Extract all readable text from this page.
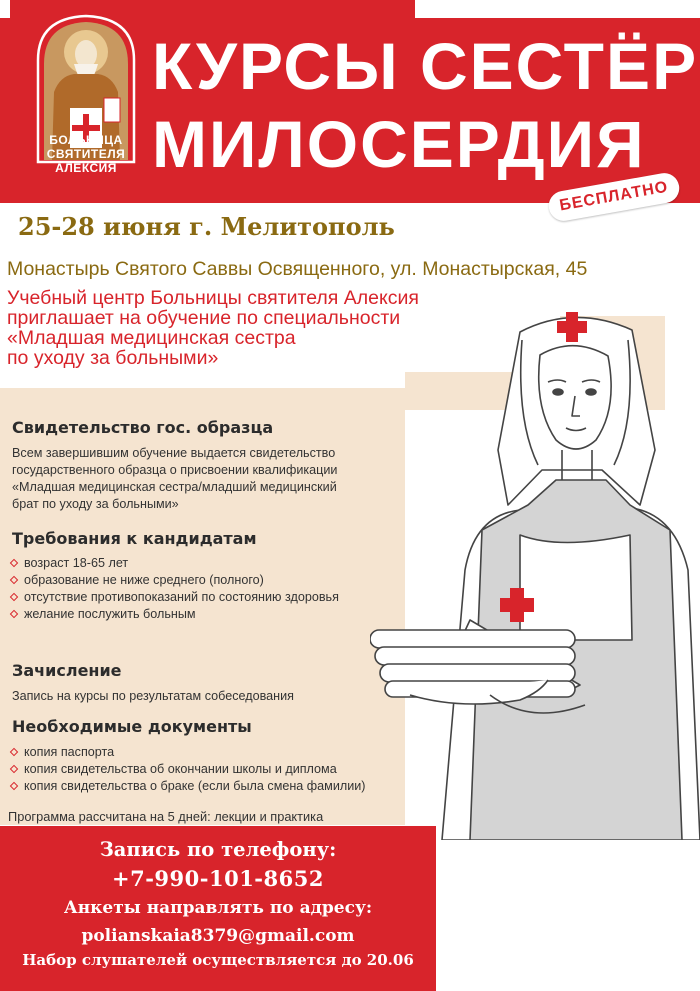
БОЛЬНИЦА
СВЯТИТЕЛЯ
АЛЕКСИЯ
КУРСЫ СЕСТЁР
МИЛОСЕРДИЯ
БЕСПЛАТНО
25-28 июня г. Мелитополь
Монастырь Святого Саввы Освященного, ул. Монастырская, 45
Учебный центр Больницы святителя Алексия
приглашает на обучение по специальности
«Младшая медицинская сестра
по уходу за больными»
Свидетельство гос. образца
Всем завершившим обучение выдается свидетельство
государственного образца о присвоении квалификации
«Младшая медицинская сестра/младший медицинский
брат по уходу за больными»
Требования к кандидатам
возраст 18-65 лет
образование не ниже среднего (полного)
отсутствие противопоказаний по состоянию здоровья
желание послужить больным
Зачисление
Запись на курсы по результатам собеседования
Необходимые документы
копия паспорта
копия свидетельства об окончании школы и диплома
копия свидетельства о браке (если была смена фамилии)
Программа рассчитана на 5 дней: лекции и практика
Запись по телефону:
+7-990-101-8652
Анкеты направлять по адресу:
polianskaia8379@gmail.com
Набор слушателей осуществляется до 20.06
